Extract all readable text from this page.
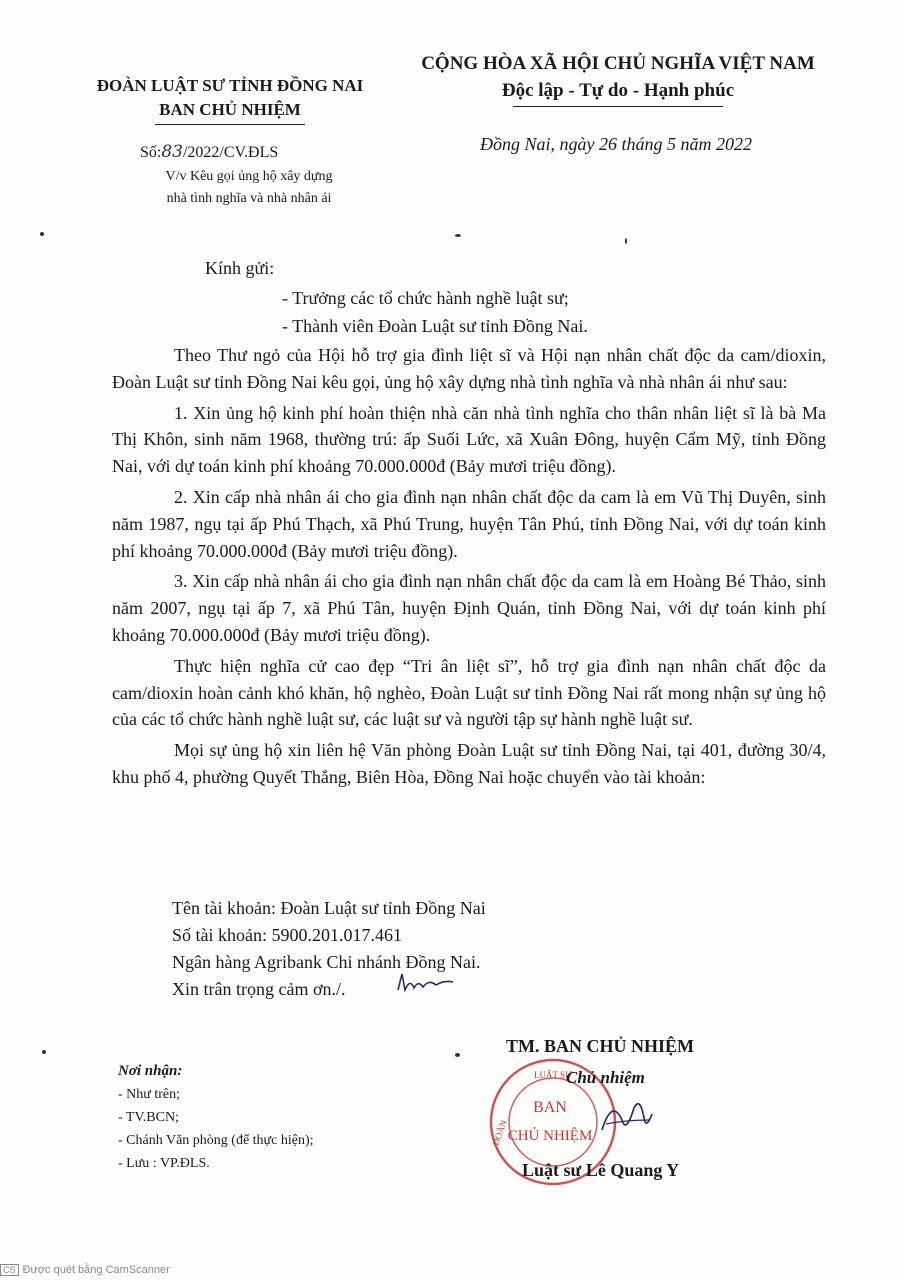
ĐOÀN LUẬT SƯ TỈNH ĐỒNG NAI
BAN CHỦ NHIỆM
CỘNG HÒA XÃ HỘI CHỦ NGHĨA VIỆT NAM
Độc lập - Tự do - Hạnh phúc
Đồng Nai, ngày 26 tháng 5 năm 2022
Số:83/2022/CV.ĐLS
V/v Kêu gọi ủng hộ xây dựng
nhà tình nghĩa và nhà nhân ái
Kính gửi:
- Trưởng các tổ chức hành nghề luật sư;
- Thành viên Đoàn Luật sư tỉnh Đồng Nai.

Theo Thư ngỏ của Hội hỗ trợ gia đình liệt sĩ và Hội nạn nhân chất độc da cam/dioxin, Đoàn Luật sư tỉnh Đồng Nai kêu gọi, ủng hộ xây dựng nhà tình nghĩa và nhà nhân ái như sau:

1. Xin ủng hộ kinh phí hoàn thiện nhà căn nhà tình nghĩa cho thân nhân liệt sĩ là bà Ma Thị Khôn, sinh năm 1968, thường trú: ấp Suối Lức, xã Xuân Đông, huyện Cẩm Mỹ, tỉnh Đồng Nai, với dự toán kinh phí khoảng 70.000.000đ (Bảy mươi triệu đồng).

2. Xin cấp nhà nhân ái cho gia đình nạn nhân chất độc da cam là em Vũ Thị Duyên, sinh năm 1987, ngụ tại ấp Phú Thạch, xã Phú Trung, huyện Tân Phú, tỉnh Đồng Nai, với dự toán kinh phí khoảng 70.000.000đ (Bảy mươi triệu đồng).

3. Xin cấp nhà nhân ái cho gia đình nạn nhân chất độc da cam là em Hoàng Bé Thảo, sinh năm 2007, ngụ tại ấp 7, xã Phú Tân, huyện Định Quán, tỉnh Đồng Nai, với dự toán kinh phí khoảng 70.000.000đ (Bảy mươi triệu đồng).

Thực hiện nghĩa cử cao đẹp “Tri ân liệt sĩ”, hỗ trợ gia đình nạn nhân chất độc da cam/dioxin hoàn cảnh khó khăn, hộ nghèo, Đoàn Luật sư tỉnh Đồng Nai rất mong nhận sự ủng hộ của các tổ chức hành nghề luật sư, các luật sư và người tập sự hành nghề luật sư.

Mọi sự ủng hộ xin liên hệ Văn phòng Đoàn Luật sư tỉnh Đồng Nai, tại 401, đường 30/4, khu phố 4, phường Quyết Thắng, Biên Hòa, Đồng Nai hoặc chuyển vào tài khoản:

Tên tài khoản: Đoàn Luật sư tỉnh Đồng Nai
Số tài khoản: 5900.201.017.461
Ngân hàng Agribank Chi nhánh Đồng Nai.
Xin trân trọng cảm ơn./.
Nơi nhận:
- Như trên;
- TV.BCN;
- Chánh Văn phòng (để thực hiện);
- Lưu : VP.ĐLS.
LUẬT SƯ
ĐOÀN
BAN
CHỦ NHIỆM
TM. BAN CHỦ NHIỆM
Chủ nhiệm
Luật sư Lê Quang Y
CS Được quét bằng CamScanner
